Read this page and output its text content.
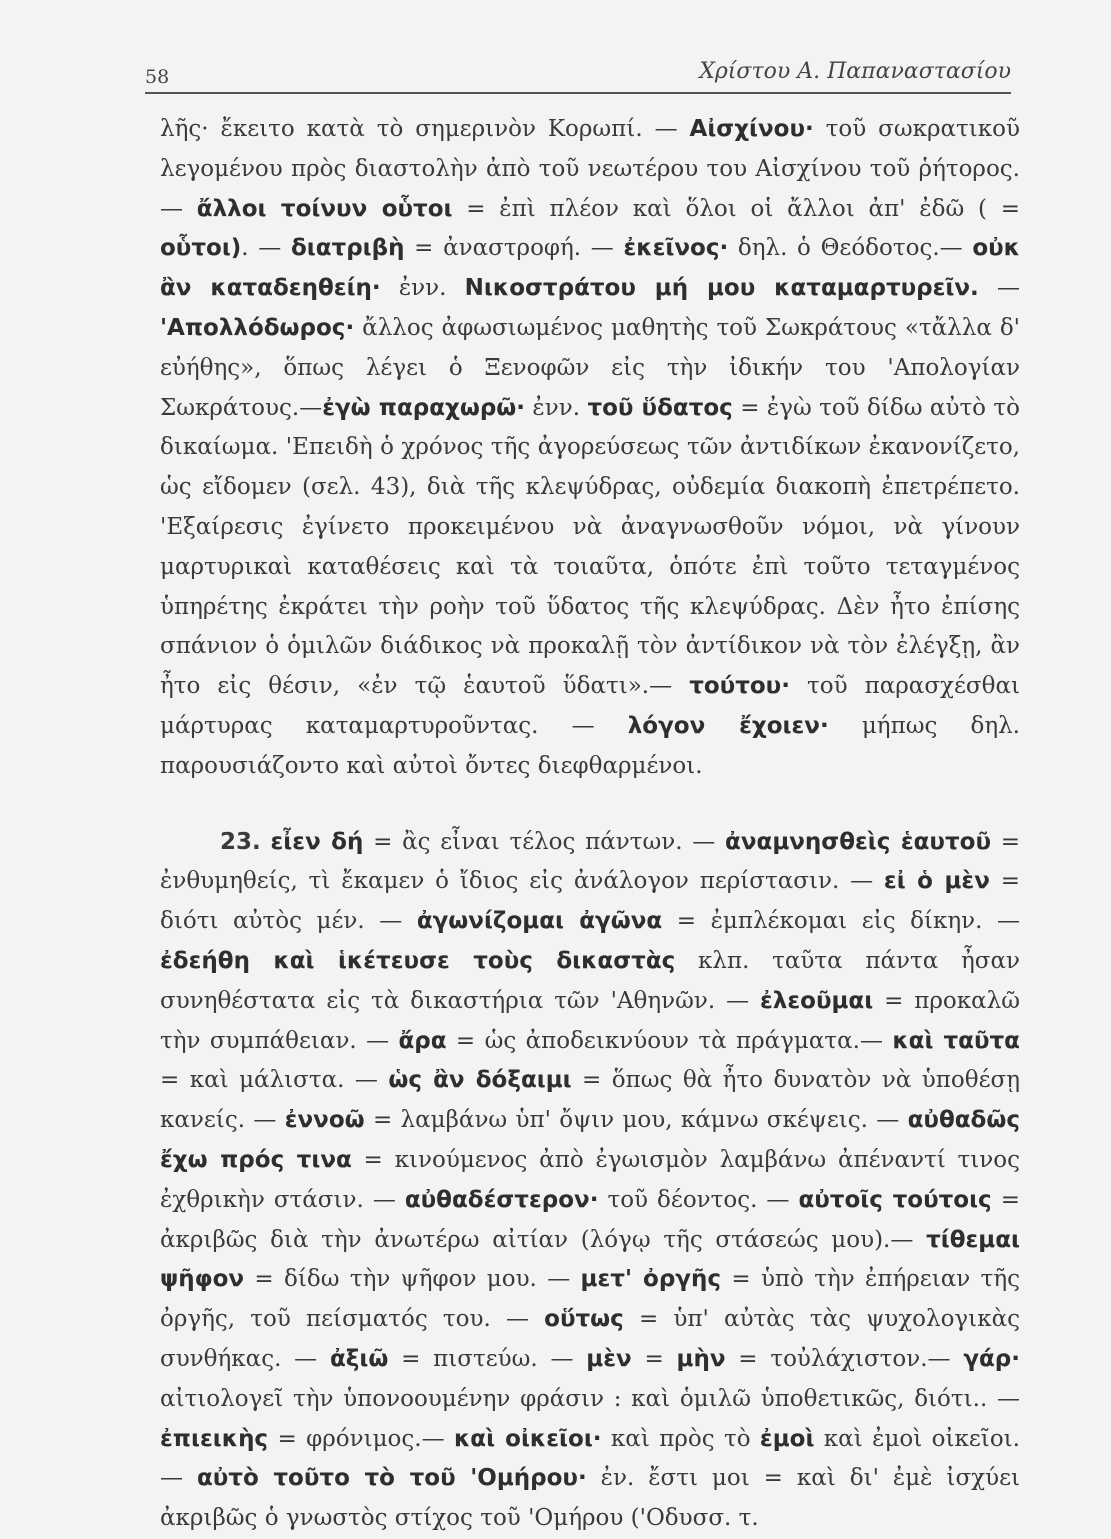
58	Χρίστου Α. Παπαναστασίου

λῆς· ἔκειτο κατὰ τὸ σημερινὸν Κορωπί. — Αἰσχίνου· τοῦ σωκρατικοῦ λεγομένου πρὸς διαστολὴν ἀπὸ τοῦ νεωτέρου του Αἰσχίνου τοῦ ῥήτορος. — ἄλλοι τοίνυν οὗτοι = ἐπὶ πλέον καὶ ὅλοι οἱ ἄλλοι ἀπ' ἐδῶ ( = οὗτοι). — διατριβὴ = ἀναστροφή. — ἐκεῖνος· δηλ. ὁ Θεόδοτος.— οὐκ ἂν καταδεηθείη· ἐνν. Νικοστράτου μή μου καταμαρτυρεῖν. — 'Απολλόδωρος· ἄλλος ἀφωσιωμένος μαθητὴς τοῦ Σωκράτους «τἄλλα δ' εὐήθης», ὅπως λέγει ὁ Ξενοφῶν εἰς τὴν ἰδικήν του 'Απολογίαν Σωκράτους.—ἐγὼ παραχωρῶ· ἐνν. τοῦ ὕδατος = ἐγὼ τοῦ δίδω αὐτὸ τὸ δικαίωμα. 'Επειδὴ ὁ χρόνος τῆς ἀγορεύσεως τῶν ἀντιδίκων ἐκανονίζετο, ὡς εἴδομεν (σελ. 43), διὰ τῆς κλεψύδρας, οὐδεμία διακοπὴ ἐπετρέπετο. 'Εξαίρεσις ἐγίνετο προκειμένου νὰ ἀναγνωσθοῦν νόμοι, νὰ γίνουν μαρτυρικαὶ καταθέσεις καὶ τὰ τοιαῦτα, ὁπότε ἐπὶ τοῦτο τεταγμένος ὑπηρέτης ἐκράτει τὴν ροὴν τοῦ ὕδατος τῆς κλεψύδρας. Δὲν ἦτο ἐπίσης σπάνιον ὁ ὁμιλῶν διάδικος νὰ προκαλῇ τὸν ἀντίδικον νὰ τὸν ἐλέγξῃ, ἂν ἦτο εἰς θέσιν, «ἐν τῷ ἑαυτοῦ ὕδατι».— τούτου· τοῦ παρασχέσθαι μάρτυρας καταμαρτυροῦντας. — λόγον ἔχοιεν· μήπως δηλ. παρουσιάζοντο καὶ αὐτοὶ ὄντες διεφθαρμένοι.

23. εἶεν δή = ἂς εἶναι τέλος πάντων. — ἀναμνησθεὶς ἑαυτοῦ = ἐνθυμηθείς, τὶ ἔκαμεν ὁ ἴδιος εἰς ἀνάλογον περίστασιν. — εἰ ὁ μὲν = διότι αὐτὸς μέν. — ἀγωνίζομαι ἀγῶνα = ἐμπλέκομαι εἰς δίκην. — ἐδεήθη καὶ ἱκέτευσε τοὺς δικαστὰς κλπ. ταῦτα πάντα ἦσαν συνηθέστατα εἰς τὰ δικαστήρια τῶν 'Αθηνῶν. — ἐλεοῦμαι = προκαλῶ τὴν συμπάθειαν. — ἄρα = ὡς ἀποδεικνύουν τὰ πράγματα.— καὶ ταῦτα = καὶ μάλιστα. — ὡς ἂν δόξαιμι = ὅπως θὰ ἦτο δυνατὸν νὰ ὑποθέσῃ κανείς. — ἐννοῶ = λαμβάνω ὑπ' ὄψιν μου, κάμνω σκέψεις. — αὐθαδῶς ἔχω πρός τινα = κινούμενος ἀπὸ ἐγωισμὸν λαμβάνω ἀπέναντί τινος ἐχθρικὴν στάσιν. — αὐθαδέστερον· τοῦ δέοντος. — αὐτοῖς τούτοις = ἀκριβῶς διὰ τὴν ἀνωτέρω αἰτίαν (λόγῳ τῆς στάσεώς μου).— τίθεμαι ψῆφον = δίδω τὴν ψῆφον μου. — μετ' ὀργῆς = ὑπὸ τὴν ἐπήρειαν τῆς ὀργῆς, τοῦ πείσματός του. — οὕτως = ὑπ' αὐτὰς τὰς ψυχολογικὰς συνθήκας. — ἀξιῶ = πιστεύω. — μὲν = μὴν = τοὐλάχιστον.— γάρ· αἰτιολογεῖ τὴν ὑπονοουμένην φράσιν : καὶ ὁμιλῶ ὑποθετικῶς, διότι.. — ἐπιεικὴς = φρόνιμος.— καὶ οἰκεῖοι· καὶ πρὸς τὸ ἐμοὶ καὶ ἐμοὶ οἰκεῖοι. — αὐτὸ τοῦτο τὸ τοῦ 'Ομήρου· ἐν. ἔστι μοι = καὶ δι' ἐμὲ ἰσχύει ἀκριβῶς ὁ γνωστὸς στίχος τοῦ 'Ομήρου ('Οδυσσ. τ.
